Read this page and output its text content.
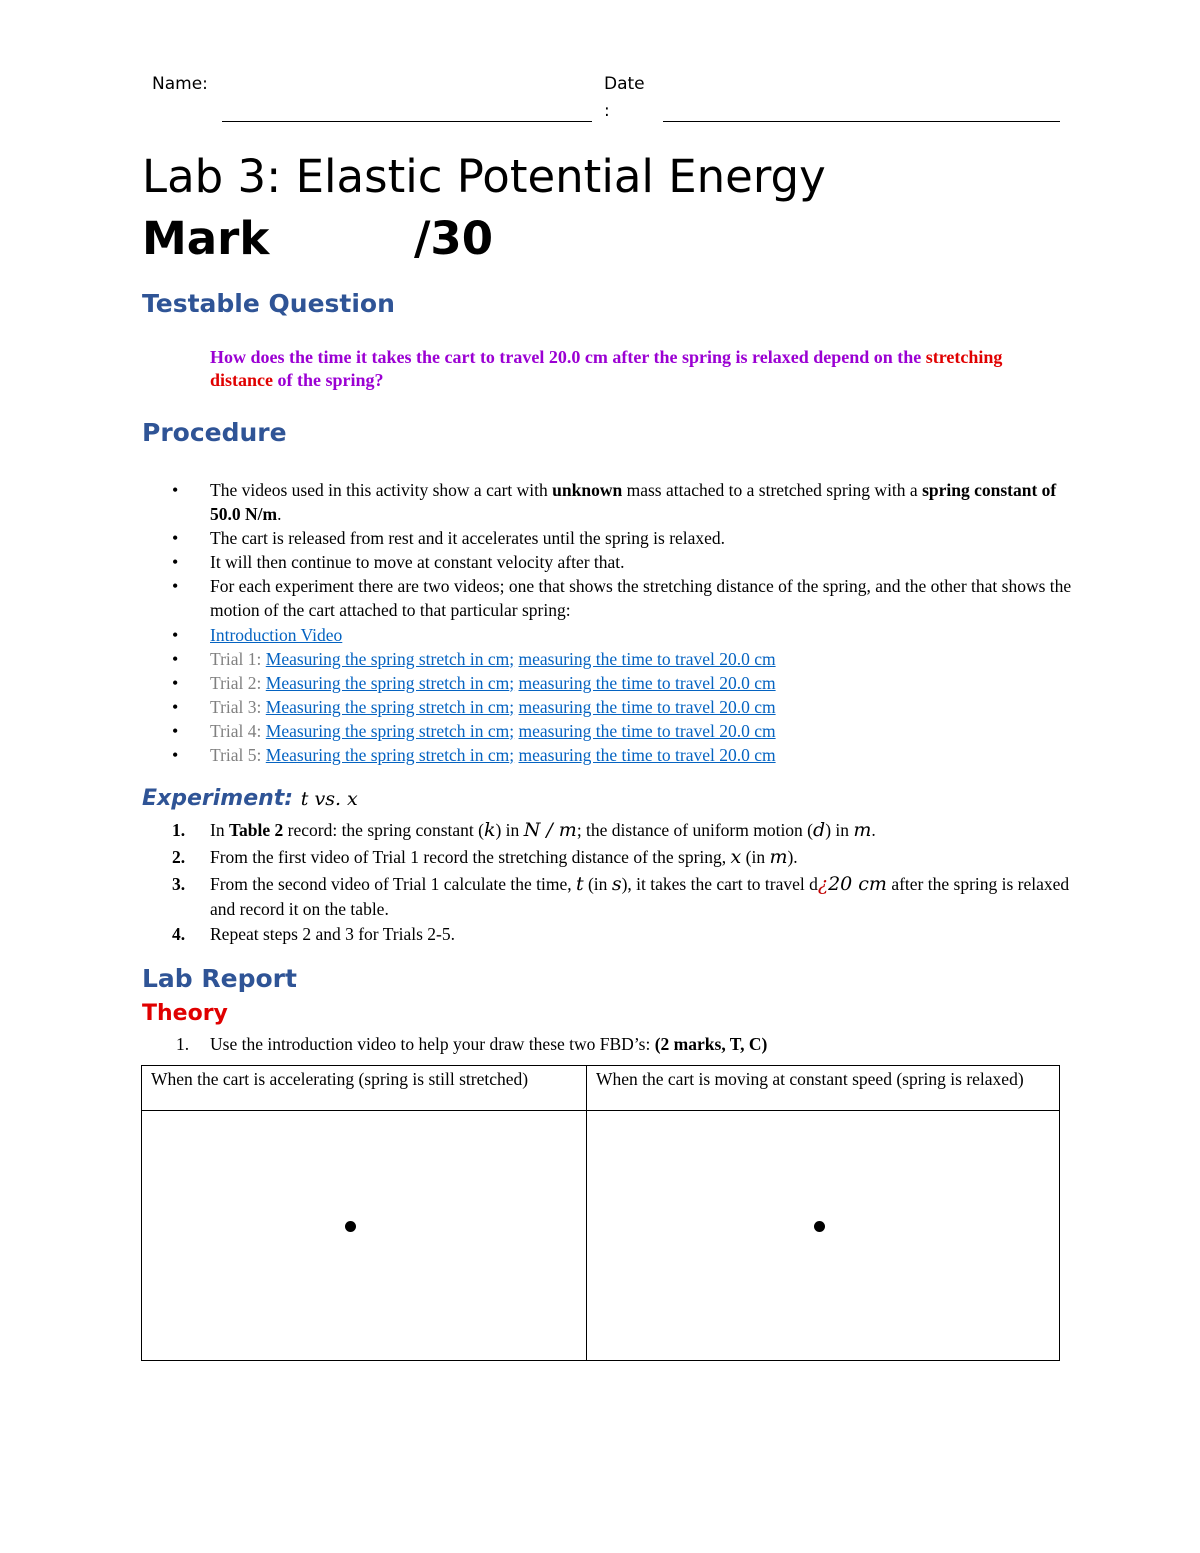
Name:	Date
:
Lab 3: Elastic Potential Energy
Mark	/30
Testable Question
How does the time it takes the cart to travel 20.0 cm after the spring is relaxed depend on the stretching distance of the spring?
Procedure
• The videos used in this activity show a cart with unknown mass attached to a stretched spring with a spring constant of 50.0 N/m.
• The cart is released from rest and it accelerates until the spring is relaxed.
• It will then continue to move at constant velocity after that.
• For each experiment there are two videos; one that shows the stretching distance of the spring, and the other that shows the motion of the cart attached to that particular spring:
• Introduction Video
• Trial 1: Measuring the spring stretch in cm; measuring the time to travel 20.0 cm
• Trial 2: Measuring the spring stretch in cm; measuring the time to travel 20.0 cm
• Trial 3: Measuring the spring stretch in cm; measuring the time to travel 20.0 cm
• Trial 4: Measuring the spring stretch in cm; measuring the time to travel 20.0 cm
• Trial 5: Measuring the spring stretch in cm; measuring the time to travel 20.0 cm
Experiment: t vs. x
1. In Table 2 record: the spring constant (k) in N / m; the distance of uniform motion (d) in m.
2. From the first video of Trial 1 record the stretching distance of the spring, x (in m).
3. From the second video of Trial 1 calculate the time, t (in s), it takes the cart to travel d¿20 cm after the spring is relaxed and record it on the table.
4. Repeat steps 2 and 3 for Trials 2-5.
Lab Report
Theory
1. Use the introduction video to help your draw these two FBD’s: (2 marks, T, C)
When the cart is accelerating (spring is still stretched)	When the cart is moving at constant speed (spring is relaxed)
